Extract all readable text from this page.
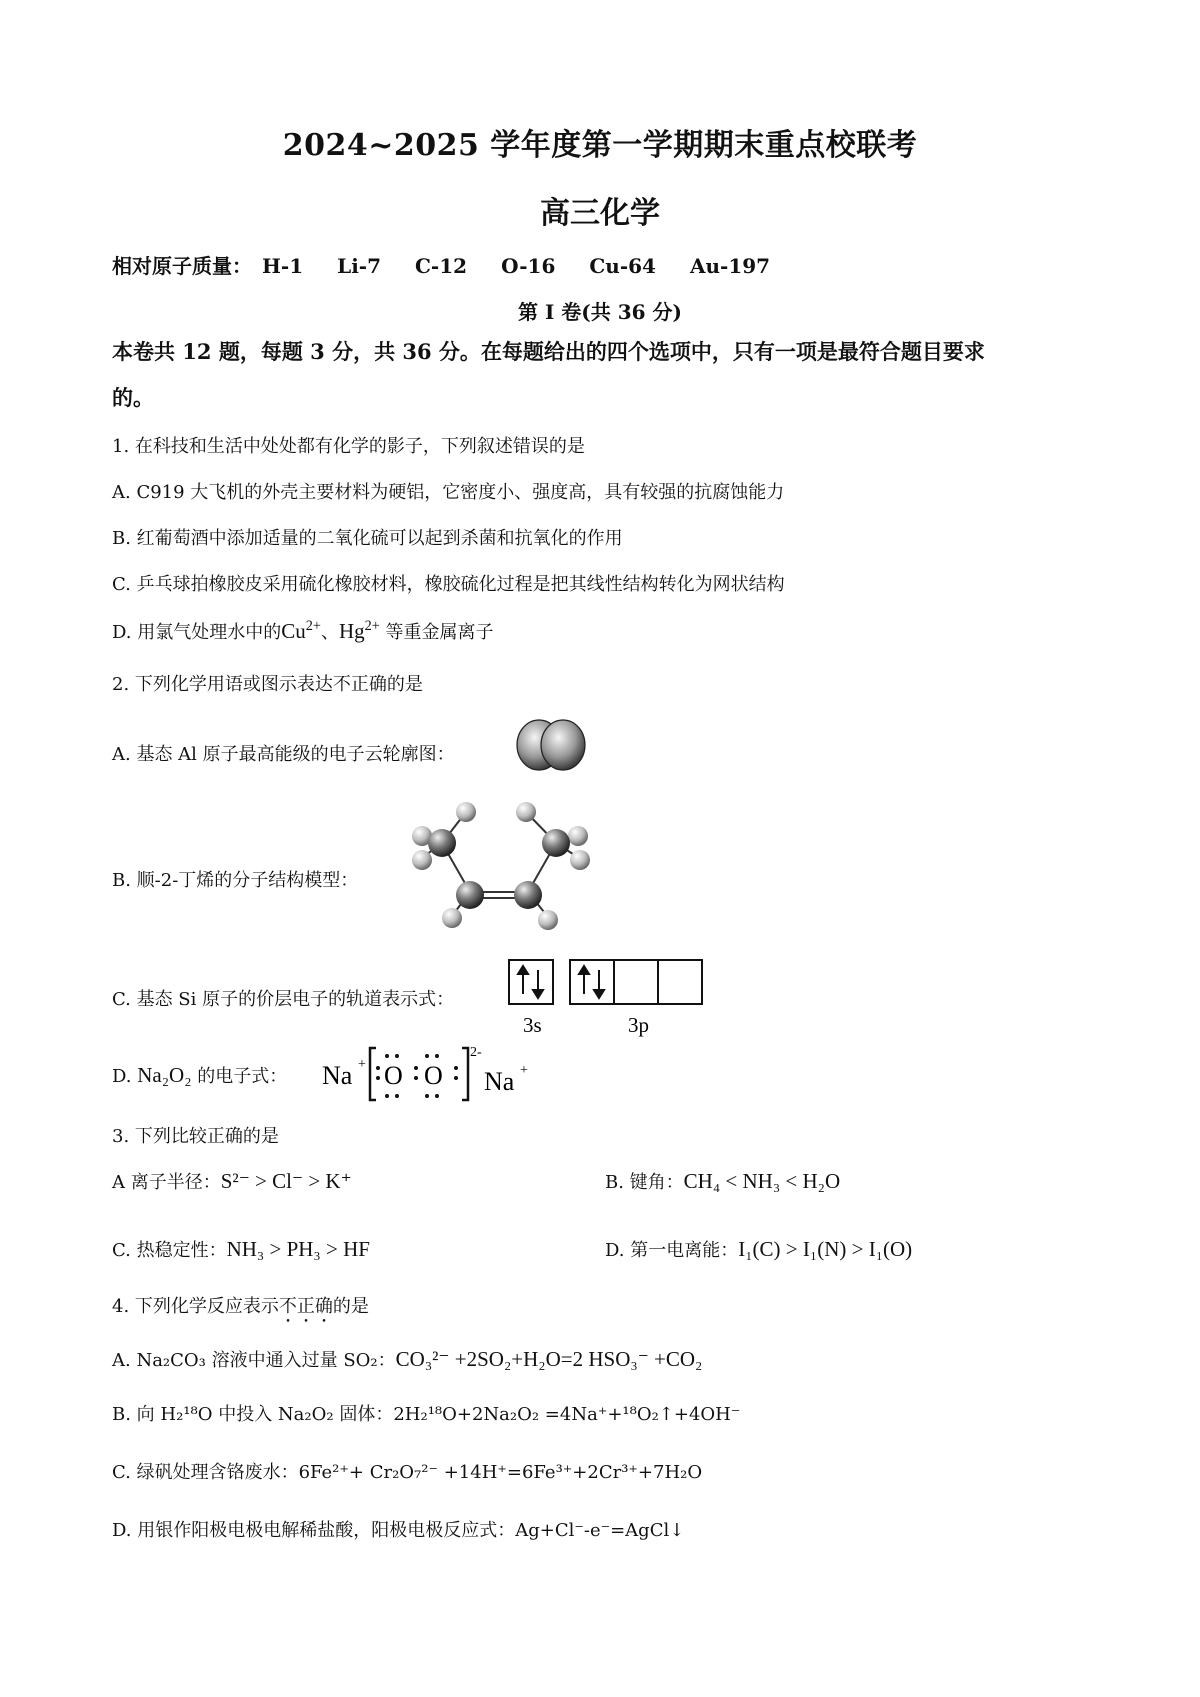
2024~2025 学年度第一学期期末重点校联考
高三化学
相对原子质量： H-1 Li-7 C-12 O-16 Cu-64 Au-197
第 I 卷(共 36 分)
本卷共 12 题，每题 3 分，共 36 分。在每题给出的四个选项中，只有一项是最符合题目要求
的。
1. 在科技和生活中处处都有化学的影子，下列叙述错误的是
A. C919 大飞机的外壳主要材料为硬铝，它密度小、强度高，具有较强的抗腐蚀能力
B. 红葡萄酒中添加适量的二氧化硫可以起到杀菌和抗氧化的作用
C. 乒乓球拍橡胶皮采用硫化橡胶材料，橡胶硫化过程是把其线性结构转化为网状结构
D. 用氯气处理水中的$Cu^{2+}$、$Hg^{2+}$ 等重金属离子
2. 下列化学用语或图示表达不正确的是
A. 基态 Al 原子最高能级的电子云轮廓图：
B. 顺-2-丁烯的分子结构模型：
C. 基态 Si 原子的价层电子的轨道表示式：
3s	3p
D. Na₂O₂ 的电子式： Na + O O
2-
Na +
3. 下列比较正确的是
A 离子半径：S²⁻ > Cl⁻ > K⁺	B. 键角：CH₄ < NH₃ < H₂O
C. 热稳定性：NH₃ > PH₃ > HF	D. 第一电离能：I₁(C) > I₁(N) > I₁(O)
4. 下列化学反应表示不正确的是
A. Na₂CO₃ 溶液中通入过量 SO₂：CO₃²⁻ +2SO₂+H₂O=2 HSO₃⁻ +CO₂
B. 向 H₂¹⁸O 中投入 Na₂O₂ 固体：2H₂¹⁸O+2Na₂O₂ =4Na⁺+¹⁸O₂↑+4OH⁻
C. 绿矾处理含铬废水：6Fe²⁺+ Cr₂O₇²⁻ +14H⁺=6Fe³⁺+2Cr³⁺+7H₂O
D. 用银作阳极电极电解稀盐酸，阳极电极反应式：Ag+Cl⁻-e⁻=AgCl↓
